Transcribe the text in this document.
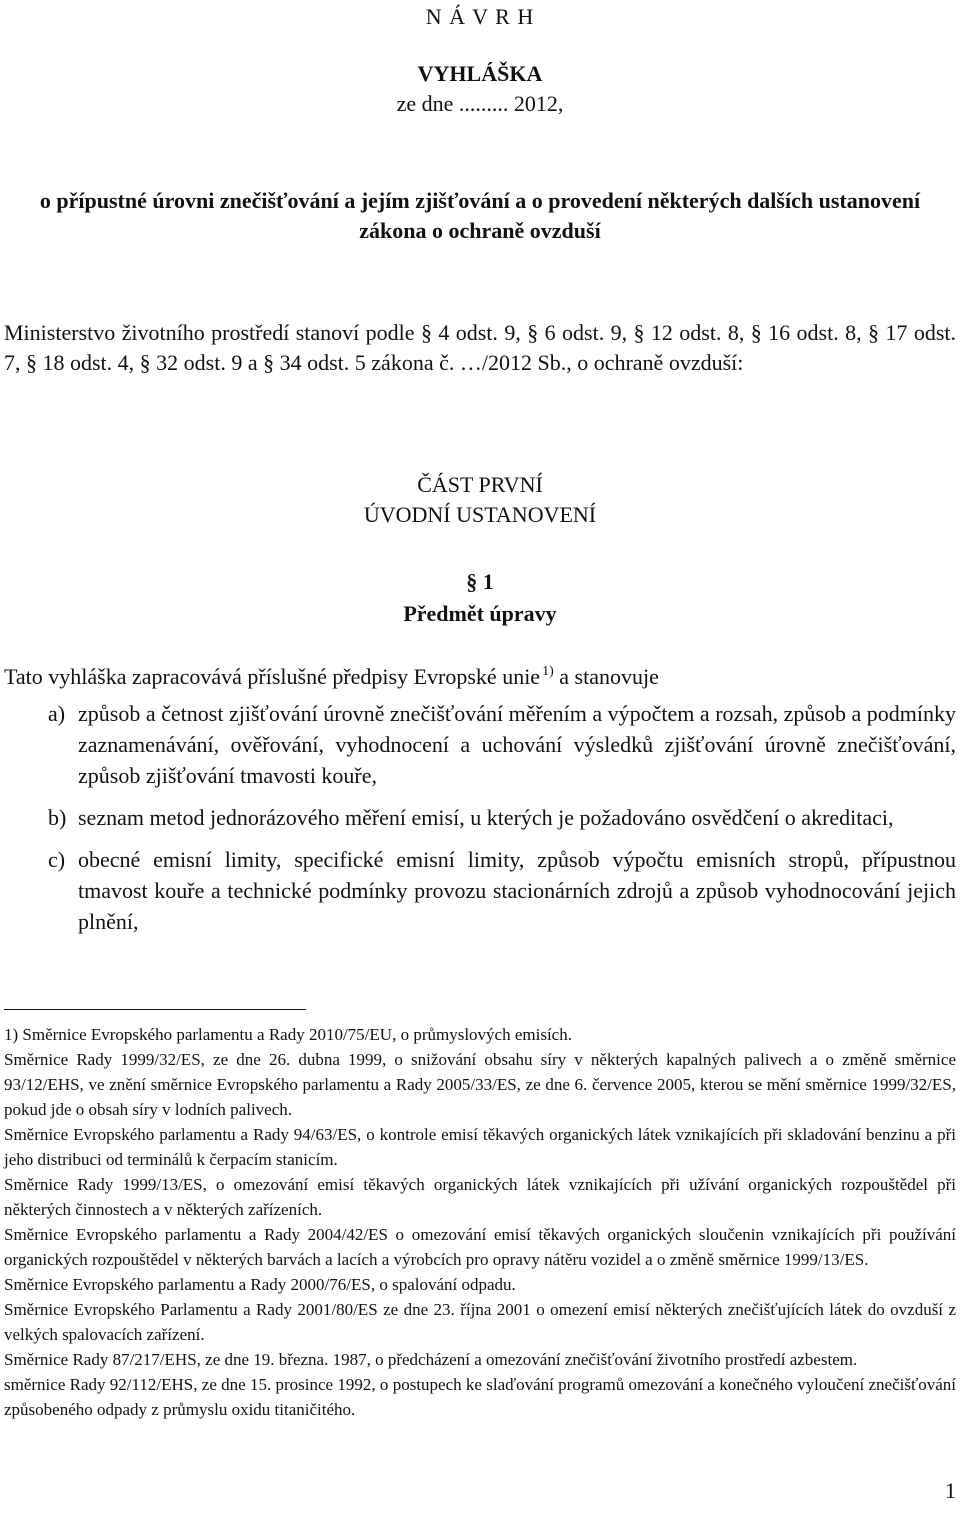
N Á V R H
VYHLÁŠKA
ze dne ......... 2012,
o přípustné úrovni znečišťování a jejím zjišťování a o provedení některých dalších ustanovení zákona o ochraně ovzduší
Ministerstvo životního prostředí stanoví podle § 4 odst. 9, § 6 odst. 9, § 12 odst. 8, § 16 odst. 8, § 17 odst. 7, § 18 odst. 4, § 32 odst. 9 a § 34 odst. 5 zákona č. …/2012 Sb., o ochraně ovzduší:
ČÁST PRVNÍ
ÚVODNÍ USTANOVENÍ
§ 1
Předmět úpravy
Tato vyhláška zapracovává příslušné předpisy Evropské unie $^{1)}$ a stanovuje
a) způsob a četnost zjišťování úrovně znečišťování měřením a výpočtem a rozsah, způsob a podmínky zaznamenávání, ověřování, vyhodnocení a uchování výsledků zjišťování úrovně znečišťování, způsob zjišťování tmavosti kouře,
b) seznam metod jednorázového měření emisí, u kterých je požadováno osvědčení o akreditaci,
c) obecné emisní limity, specifické emisní limity, způsob výpočtu emisních stropů, přípustnou tmavost kouře a technické podmínky provozu stacionárních zdrojů a způsob vyhodnocování jejich plnění,
1) Směrnice Evropského parlamentu a Rady 2010/75/EU, o průmyslových emisích.
Směrnice Rady 1999/32/ES, ze dne 26. dubna 1999, o snižování obsahu síry v některých kapalných palivech a o změně směrnice 93/12/EHS, ve znění směrnice Evropského parlamentu a Rady 2005/33/ES, ze dne 6. července 2005, kterou se mění směrnice 1999/32/ES, pokud jde o obsah síry v lodních palivech.
Směrnice Evropského parlamentu a Rady 94/63/ES, o kontrole emisí těkavých organických látek vznikajících při skladování benzinu a při jeho distribuci od terminálů k čerpacím stanicím.
Směrnice Rady 1999/13/ES, o omezování emisí těkavých organických látek vznikajících při užívání organických rozpouštědel při některých činnostech a v některých zařízeních.
Směrnice Evropského parlamentu a Rady 2004/42/ES o omezování emisí těkavých organických sloučenin vznikajících při používání organických rozpouštědel v některých barvách a lacích a výrobcích pro opravy nátěru vozidel a o změně směrnice 1999/13/ES.
Směrnice Evropského parlamentu a Rady 2000/76/ES, o spalování odpadu.
Směrnice Evropského Parlamentu a Rady 2001/80/ES ze dne 23. října 2001 o omezení emisí některých znečišťujících látek do ovzduší z velkých spalovacích zařízení.
Směrnice Rady 87/217/EHS, ze dne 19. března. 1987, o předcházení a omezování znečišťování životního prostředí azbestem.
směrnice Rady 92/112/EHS, ze dne 15. prosince 1992, o postupech ke slaďování programů omezování a konečného vyloučení znečišťování způsobeného odpady z průmyslu oxidu titaničitého.
1
